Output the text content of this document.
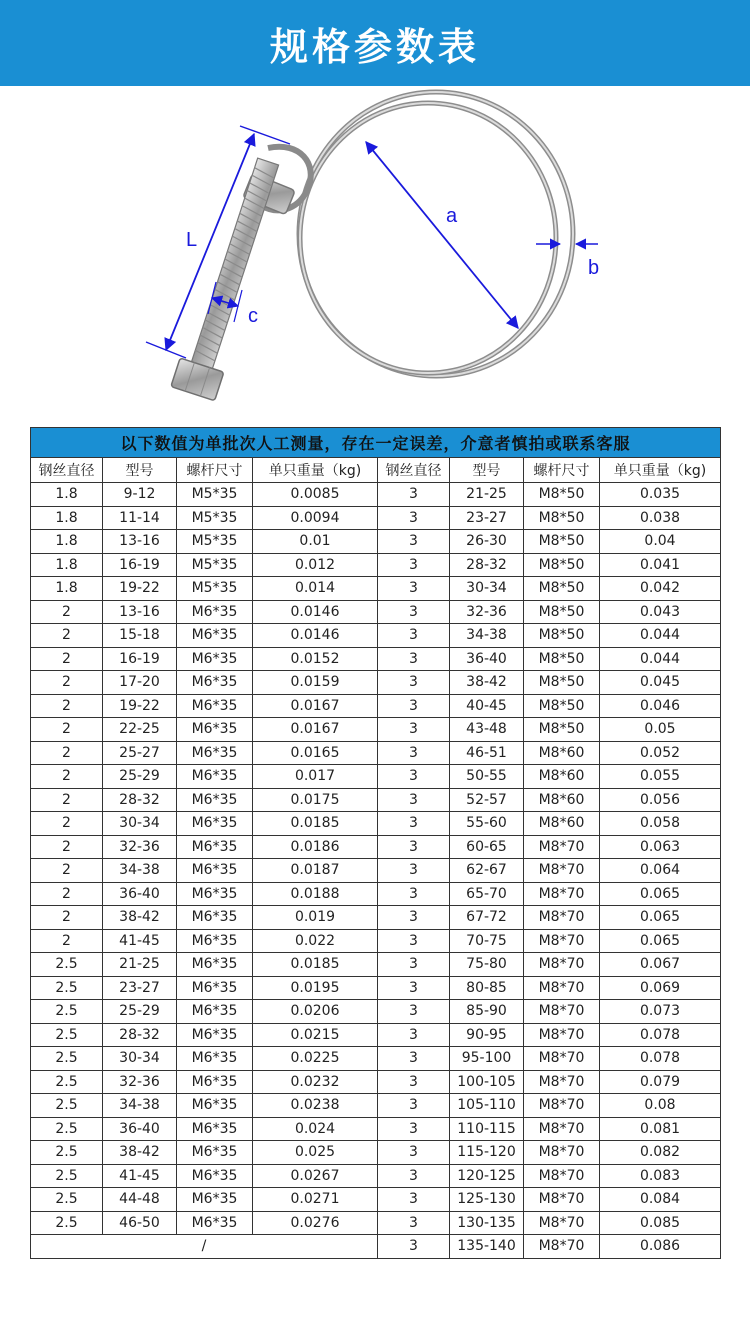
规格参数表
a
b
c
L
以下数值为单批次人工测量，存在一定误差，介意者慎拍或联系客服							
钢丝直径	型号	螺杆尺寸	单只重量（kg)	钢丝直径	型号	螺杆尺寸	单只重量（kg)
1.8	9-12	M5*35	0.0085	3	21-25	M8*50	0.035
1.8	11-14	M5*35	0.0094	3	23-27	M8*50	0.038
1.8	13-16	M5*35	0.01	3	26-30	M8*50	0.04
1.8	16-19	M5*35	0.012	3	28-32	M8*50	0.041
1.8	19-22	M5*35	0.014	3	30-34	M8*50	0.042
2	13-16	M6*35	0.0146	3	32-36	M8*50	0.043
2	15-18	M6*35	0.0146	3	34-38	M8*50	0.044
2	16-19	M6*35	0.0152	3	36-40	M8*50	0.044
2	17-20	M6*35	0.0159	3	38-42	M8*50	0.045
2	19-22	M6*35	0.0167	3	40-45	M8*50	0.046
2	22-25	M6*35	0.0167	3	43-48	M8*50	0.05
2	25-27	M6*35	0.0165	3	46-51	M8*60	0.052
2	25-29	M6*35	0.017	3	50-55	M8*60	0.055
2	28-32	M6*35	0.0175	3	52-57	M8*60	0.056
2	30-34	M6*35	0.0185	3	55-60	M8*60	0.058
2	32-36	M6*35	0.0186	3	60-65	M8*70	0.063
2	34-38	M6*35	0.0187	3	62-67	M8*70	0.064
2	36-40	M6*35	0.0188	3	65-70	M8*70	0.065
2	38-42	M6*35	0.019	3	67-72	M8*70	0.065
2	41-45	M6*35	0.022	3	70-75	M8*70	0.065
2.5	21-25	M6*35	0.0185	3	75-80	M8*70	0.067
2.5	23-27	M6*35	0.0195	3	80-85	M8*70	0.069
2.5	25-29	M6*35	0.0206	3	85-90	M8*70	0.073
2.5	28-32	M6*35	0.0215	3	90-95	M8*70	0.078
2.5	30-34	M6*35	0.0225	3	95-100	M8*70	0.078
2.5	32-36	M6*35	0.0232	3	100-105	M8*70	0.079
2.5	34-38	M6*35	0.0238	3	105-110	M8*70	0.08
2.5	36-40	M6*35	0.024	3	110-115	M8*70	0.081
2.5	38-42	M6*35	0.025	3	115-120	M8*70	0.082
2.5	41-45	M6*35	0.0267	3	120-125	M8*70	0.083
2.5	44-48	M6*35	0.0271	3	125-130	M8*70	0.084
2.5	46-50	M6*35	0.0276	3	130-135	M8*70	0.085
/				3	135-140	M8*70	0.086
